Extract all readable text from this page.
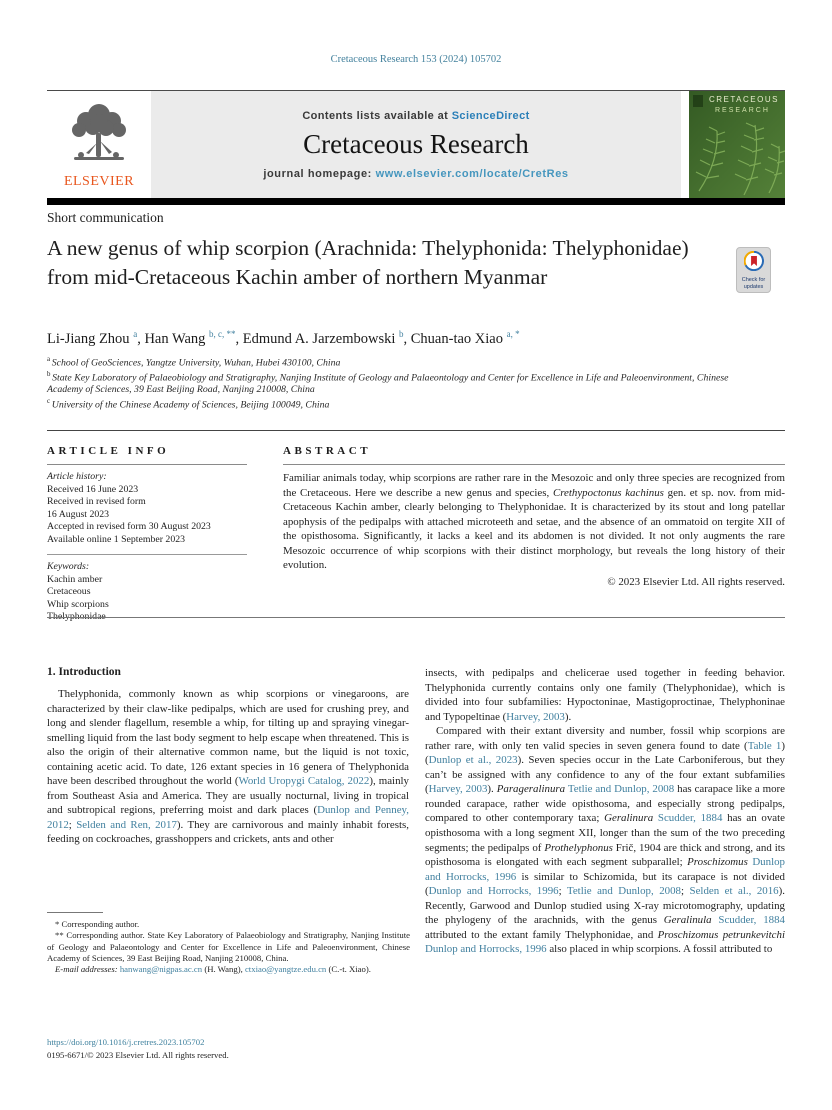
Cretaceous Research 153 (2024) 105702
ELSEVIER
Contents lists available at ScienceDirect
Cretaceous Research
journal homepage: www.elsevier.com/locate/CretRes
CRETACEOUS
RESEARCH
Short communication
A new genus of whip scorpion (Arachnida: Thelyphonida: Thelyphonidae) from mid-Cretaceous Kachin amber of northern Myanmar	Check for
updates
Li-Jiang Zhou $^a$, Han Wang $^{b, c, **}$, Edmund A. Jarzembowski $^b$, Chuan-tao Xiao $^{a, *}$

$^a$ School of GeoSciences, Yangtze University, Wuhan, Hubei 430100, China

$^b$ State Key Laboratory of Palaeobiology and Stratigraphy, Nanjing Institute of Geology and Palaeontology and Center for Excellence in Life and Paleoenvironment, Chinese Academy of Sciences, 39 East Beijing Road, Nanjing 210008, China

$^c$ University of the Chinese Academy of Sciences, Beijing 100049, China

ARTICLE INFO

Article history:
Received 16 June 2023
Received in revised form
16 August 2023
Accepted in revised form 30 August 2023
Available online 1 September 2023
Keywords:
Kachin amber
Cretaceous
Whip scorpions
Thelyphonidae

ABSTRACT

Familiar animals today, whip scorpions are rather rare in the Mesozoic and only three species are recognized from the Cretaceous. Here we describe a new genus and species, Crethypoctonus kachinus gen. et sp. nov. from mid-Cretaceous Kachin amber, clearly belonging to Thelyphonidae. It is characterized by its stout and long patellar apophysis of the pedipalps with attached microteeth and setae, and the absence of an ommatoid on tergite XII of the opisthosoma. Significantly, it lacks a keel and its abdomen is not divided. It not only augments the rare Mesozoic occurrence of whip scorpions with their distinct morphology, but reveals the long history of their evolution.

© 2023 Elsevier Ltd. All rights reserved.

1. Introduction

Thelyphonida, commonly known as whip scorpions or vinegaroons, are characterized by their claw-like pedipalps, which are used for crushing prey, and long and slender flagellum, resemble a whip, for tilting up and spraying vinegar-smelling liquid from the last body segment to help escape when threatened. This is also the origin of their alternative common name, but the liquid is not toxic, containing acetic acid. To date, 126 extant species in 16 genera of Thelyphonida have been described throughout the world (World Uropygi Catalog, 2022), mainly from Southeast Asia and America. They are usually nocturnal, living in tropical and subtropical regions, preferring moist and dark places (Dunlop and Penney, 2012; Selden and Ren, 2017). They are carnivorous and mainly inhabit forests, feeding on cockroaches, grasshoppers and crickets, ants and other

insects, with pedipalps and chelicerae used together in feeding behavior. Thelyphonida currently contains only one family (Thelyphonidae), which is divided into four subfamilies: Hypoctoninae, Mastigoproctinae, Thelyphoninae and Typopeltinae (Harvey, 2003).

Compared with their extant diversity and number, fossil whip scorpions are rather rare, with only ten valid species in seven genera found to date (Table 1) (Dunlop et al., 2023). Seven species occur in the Late Carboniferous, but they can’t be assigned with any confidence to any of the four extant subfamilies (Harvey, 2003). Parageralinura Tetlie and Dunlop, 2008 has carapace like a more rounded carapace, rather wide opisthosoma, and especially strong pedipalps, compared to other contemporary taxa; Geralinura Scudder, 1884 has an ovate opisthosoma with a long segment XII, longer than the sum of the two preceding segments; the pedipalps of Prothelyphonus Frič, 1904 are thick and strong, and its opisthosoma is elongated with each segment subparallel; Proschizomus Dunlop and Horrocks, 1996 is similar to Schizomida, but its carapace is not divided (Dunlop and Horrocks, 1996; Tetlie and Dunlop, 2008; Selden et al., 2016). Recently, Garwood and Dunlop studied using X-ray microtomography, updating the phylogeny of the arachnids, with the genus Geralinula Scudder, 1884 attributed to the extant family Thelyphonidae, and Proschizomus petrunkevitchi Dunlop and Horrocks, 1996 also placed in whip scorpions. A fossil attributed to

* Corresponding author.

** Corresponding author. State Key Laboratory of Palaeobiology and Stratigraphy, Nanjing Institute of Geology and Palaeontology and Center for Excellence in Life and Paleoenvironment, Chinese Academy of Sciences, 39 East Beijing Road, Nanjing 210008, China.

E-mail addresses: hanwang@nigpas.ac.cn (H. Wang), ctxiao@yangtze.edu.cn (C.-t. Xiao).

https://doi.org/10.1016/j.cretres.2023.105702
0195-6671/© 2023 Elsevier Ltd. All rights reserved.
